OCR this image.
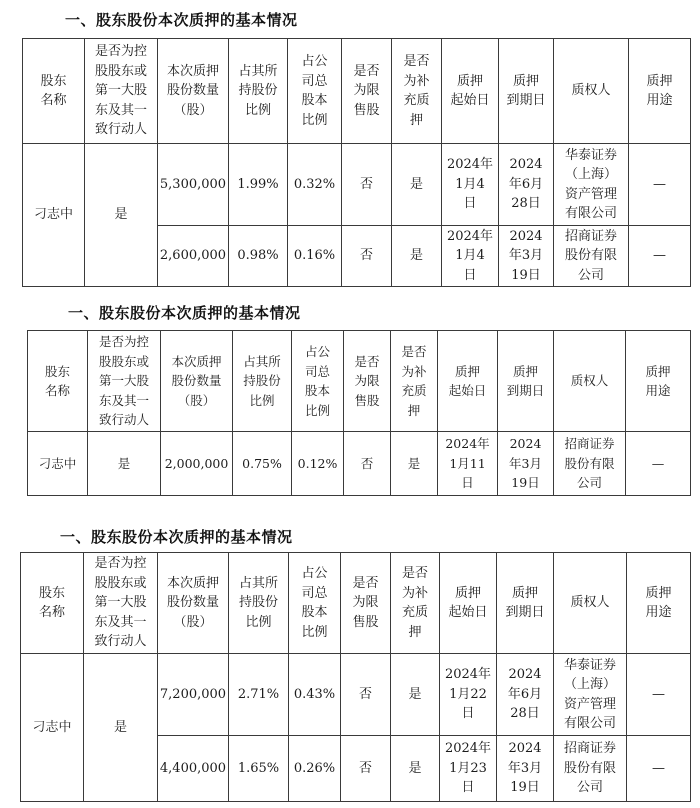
一、股东股份本次质押的基本情况
股东
名称	是否为控
股股东或
第一大股
东及其一
致行动人	本次质押
股份数量
（股）	占其所
持股份
比例	占公
司总
股本
比例	是否
为限
售股	是否
为补
充质
押	质押
起始日	质押
到期日	质权人	质押
用途
刁志中	是	5,300,000	1.99%	0.32%	否	是	2024年
1月4
日	2024
年6月
28日	华泰证券
（上海）
资产管理
有限公司	—
		2,600,000	0.98%	0.16%	否	是	2024年
1月4
日	2024
年3月
19日	招商证券
股份有限
公司	—
一、股东股份本次质押的基本情况
股东
名称	是否为控
股股东或
第一大股
东及其一
致行动人	本次质押
股份数量
（股）	占其所
持股份
比例	占公
司总
股本
比例	是否
为限
售股	是否
为补
充质
押	质押
起始日	质押
到期日	质权人	质押
用途
刁志中	是	2,000,000	0.75%	0.12%	否	是	2024年
1月11
日	2024
年3月
19日	招商证券
股份有限
公司	—
一、股东股份本次质押的基本情况
股东
名称	是否为控
股股东或
第一大股
东及其一
致行动人	本次质押
股份数量
（股）	占其所
持股份
比例	占公
司总
股本
比例	是否
为限
售股	是否
为补
充质
押	质押
起始日	质押
到期日	质权人	质押
用途
刁志中	是	7,200,000	2.71%	0.43%	否	是	2024年
1月22
日	2024
年6月
28日	华泰证券
（上海）
资产管理
有限公司	—
		4,400,000	1.65%	0.26%	否	是	2024年
1月23
日	2024
年3月
19日	招商证券
股份有限
公司	—
